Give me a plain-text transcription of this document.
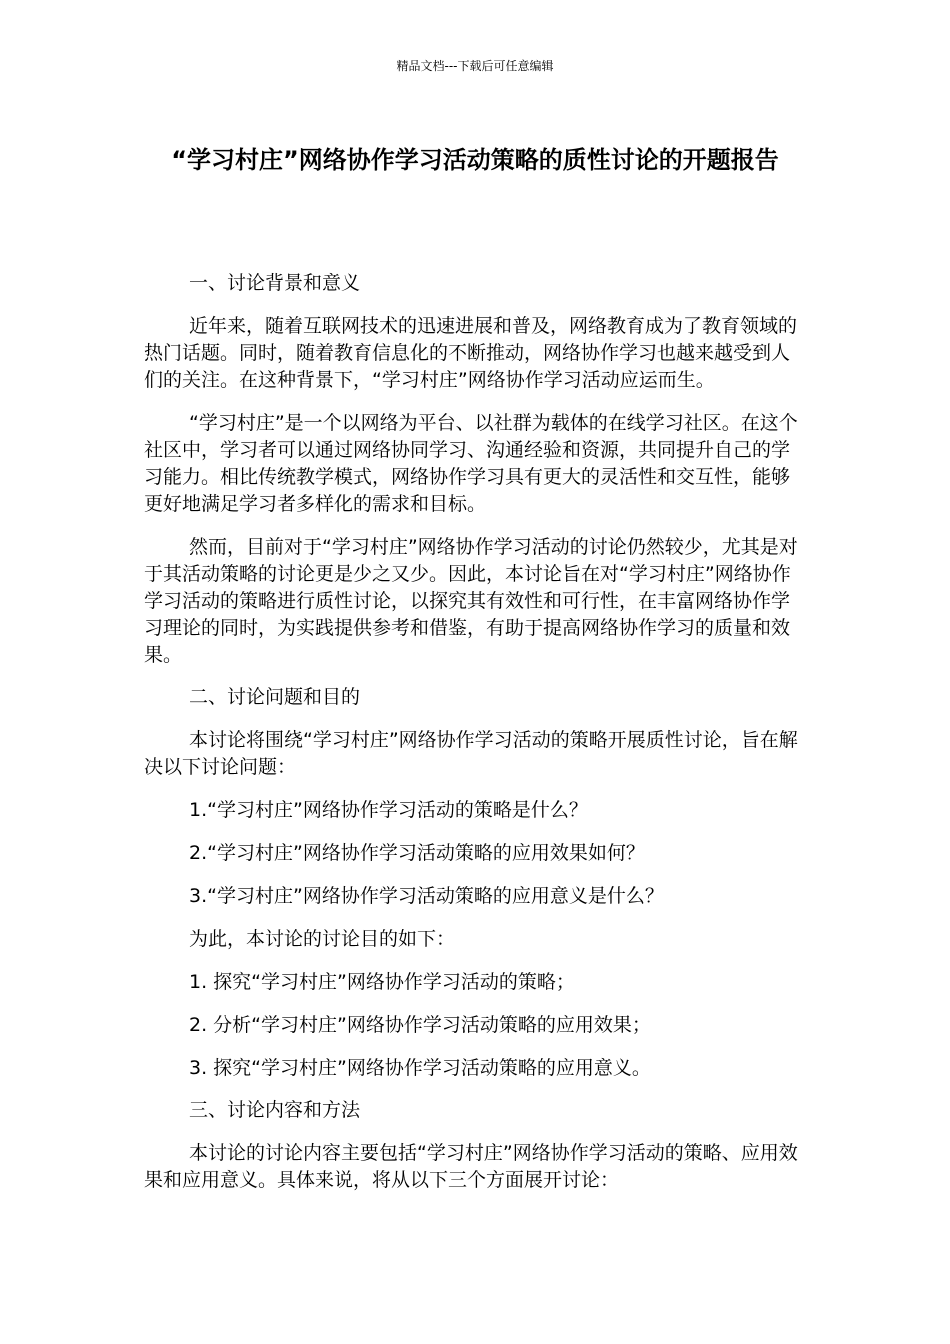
精品文档---下载后可任意编辑
“学习村庄”网络协作学习活动策略的质性讨论的开题报告
一、讨论背景和意义

近年来，随着互联网技术的迅速进展和普及，网络教育成为了教育领域的热门话题。同时，随着教育信息化的不断推动，网络协作学习也越来越受到人们的关注。在这种背景下，“学习村庄”网络协作学习活动应运而生。

“学习村庄”是一个以网络为平台、以社群为载体的在线学习社区。在这个社区中，学习者可以通过网络协同学习、沟通经验和资源，共同提升自己的学习能力。相比传统教学模式，网络协作学习具有更大的灵活性和交互性，能够更好地满足学习者多样化的需求和目标。

然而，目前对于“学习村庄”网络协作学习活动的讨论仍然较少，尤其是对于其活动策略的讨论更是少之又少。因此，本讨论旨在对“学习村庄”网络协作学习活动的策略进行质性讨论，以探究其有效性和可行性，在丰富网络协作学习理论的同时，为实践提供参考和借鉴，有助于提高网络协作学习的质量和效果。

二、讨论问题和目的

本讨论将围绕“学习村庄”网络协作学习活动的策略开展质性讨论，旨在解决以下讨论问题：

1.“学习村庄”网络协作学习活动的策略是什么？
2.“学习村庄”网络协作学习活动策略的应用效果如何？
3.“学习村庄”网络协作学习活动策略的应用意义是什么？
为此，本讨论的讨论目的如下：
1. 探究“学习村庄”网络协作学习活动的策略；
2. 分析“学习村庄”网络协作学习活动策略的应用效果；
3. 探究“学习村庄”网络协作学习活动策略的应用意义。
三、讨论内容和方法

本讨论的讨论内容主要包括“学习村庄”网络协作学习活动的策略、应用效果和应用意义。具体来说，将从以下三个方面展开讨论：
